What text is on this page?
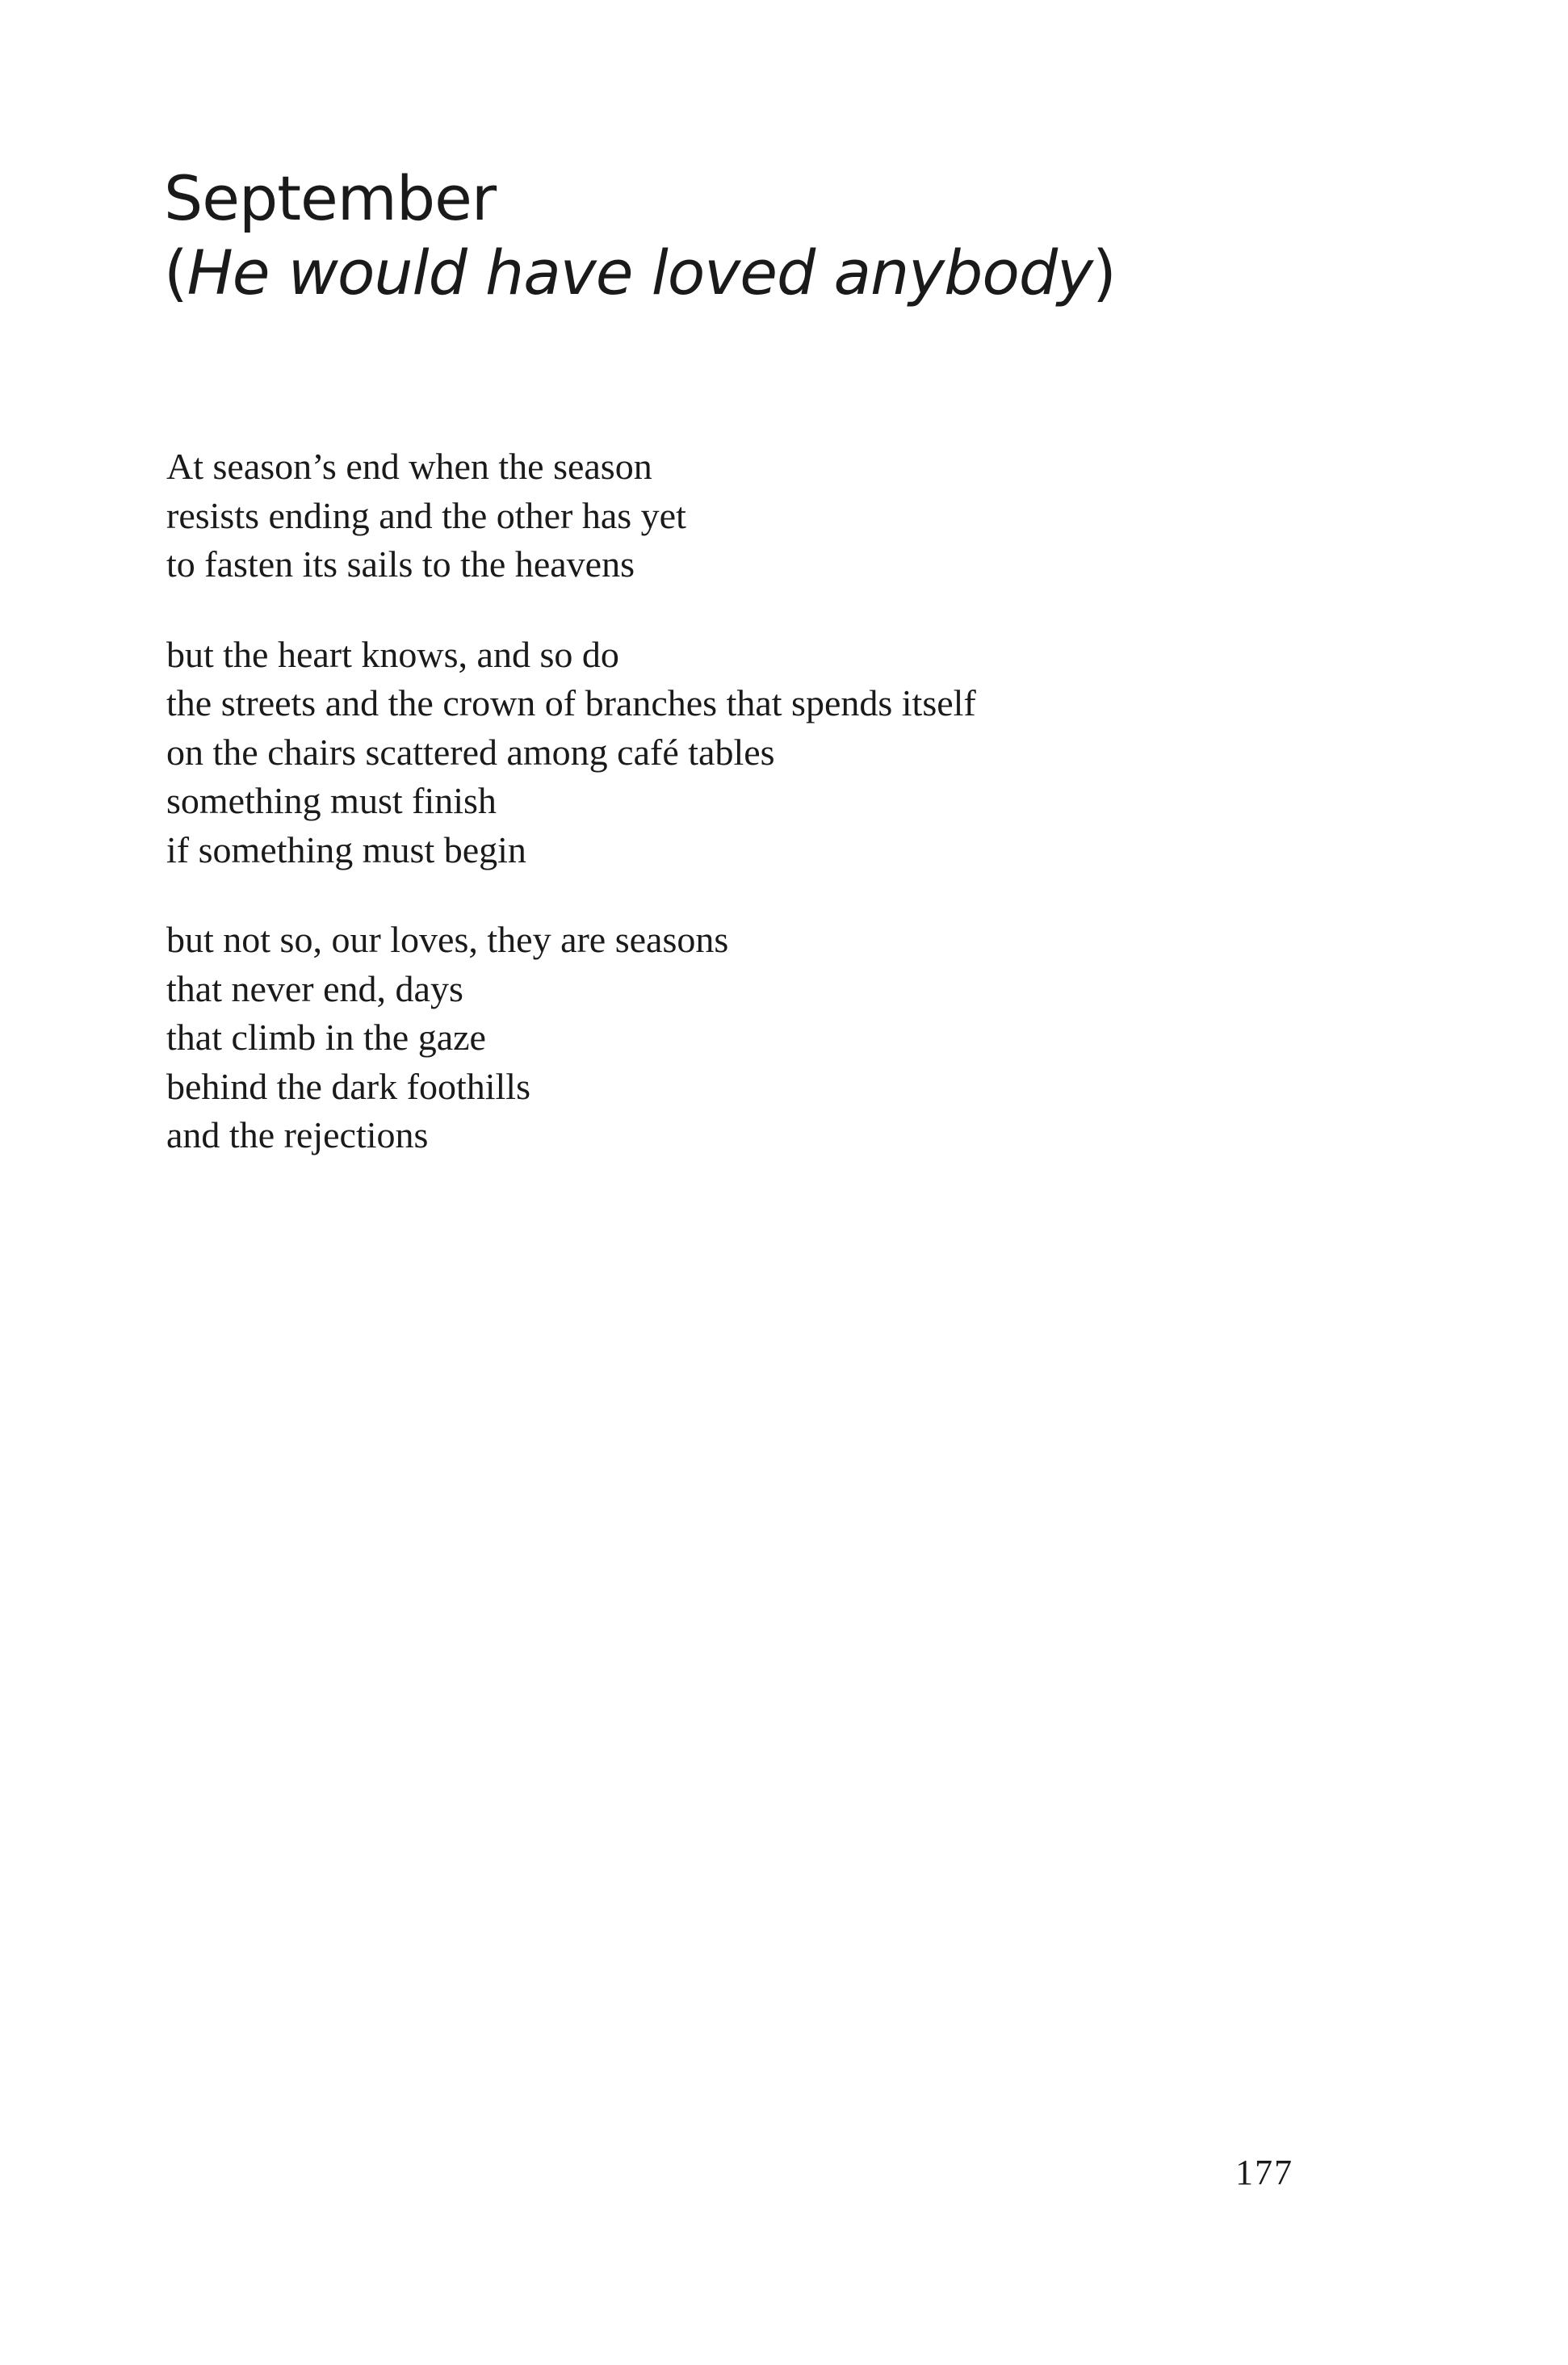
September

(He would have loved anybody)

At season’s end when the season
resists ending and the other has yet
to fasten its sails to the heavens
but the heart knows, and so do
the streets and the crown of branches that spends itself
on the chairs scattered among café tables
something must finish
if something must begin
but not so, our loves, they are seasons
that never end, days
that climb in the gaze
behind the dark foothills
and the rejections
177
